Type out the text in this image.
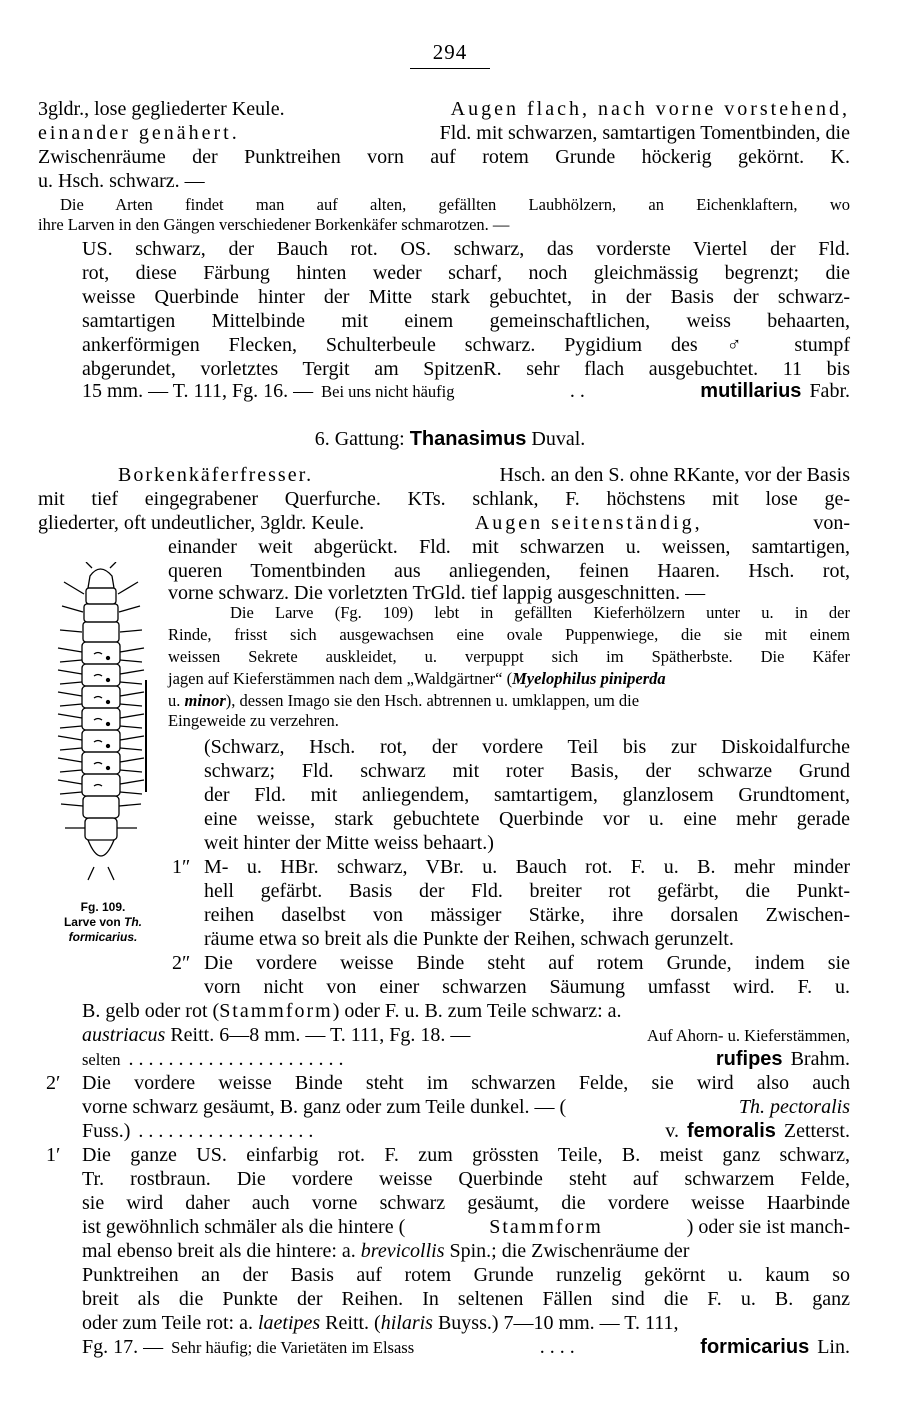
294
3gldr., lose gegliederter Keule.	Augen flach, nach vorne vorstehend,
einander genähert.	Fld. mit schwarzen, samtartigen Tomentbinden, die
Zwischenräume der Punktreihen vorn auf rotem Grunde höckerig gekörnt. K.
u. Hsch. schwarz. —
Die Arten findet man auf alten, gefällten Laubhölzern, an Eichenklaftern, wo
ihre Larven in den Gängen verschiedener Borkenkäfer schmarotzen. —
US. schwarz, der Bauch rot. OS. schwarz, das vorderste Viertel der Fld.
rot, diese Färbung hinten weder scharf, noch gleichmässig begrenzt; die
weisse Querbinde hinter der Mitte stark gebuchtet, in der Basis der schwarz-
samtartigen Mittelbinde mit einem gemeinschaftlichen, weiss behaarten,
ankerförmigen Flecken, Schulterbeule schwarz. Pygidium des ♂ stumpf
abgerundet, vorletztes Tergit am SpitzenR. sehr flach ausgebuchtet. 11 bis
15 mm. — T. 111, Fg. 16. — Bei uns nicht häufig	. .	mutillarius Fabr.
6. Gattung: Thanasimus Duval.
Borkenkäferfresser.	Hsch. an den S. ohne RKante, vor der Basis
mit tief eingegrabener Querfurche. KTs. schlank, F. höchstens mit lose ge-
gliederter, oft undeutlicher, 3gldr. Keule.	Augen seitenständig,	von-
einander weit abgerückt. Fld. mit schwarzen u. weissen, samtartigen,
queren Tomentbinden aus anliegenden, feinen Haaren. Hsch. rot,
vorne schwarz. Die vorletzten TrGld. tief lappig ausgeschnitten. —
Die Larve (Fg. 109) lebt in gefällten Kieferhölzern unter u. in der
Rinde, frisst sich ausgewachsen eine ovale Puppenwiege, die sie mit einem
weissen Sekrete auskleidet, u. verpuppt sich im Spätherbste. Die Käfer
jagen auf Kieferstämmen nach dem „Waldgärtner“ (Myelophilus piniperda
u. minor), dessen Imago sie den Hsch. abtrennen u. umklappen, um die
Eingeweide zu verzehren.
Fg. 109.
Larve von Th.
formicarius.
(Schwarz, Hsch. rot, der vordere Teil bis zur Diskoidalfurche
schwarz; Fld. schwarz mit roter Basis, der schwarze Grund
der Fld. mit anliegendem, samtartigem, glanzlosem Grundtoment,
eine weisse, stark gebuchtete Querbinde vor u. eine mehr gerade
weit hinter der Mitte weiss behaart.)
1″ M- u. HBr. schwarz, VBr. u. Bauch rot. F. u. B. mehr minder
hell gefärbt. Basis der Fld. breiter rot gefärbt, die Punkt-
reihen daselbst von mässiger Stärke, ihre dorsalen Zwischen-
räume etwa so breit als die Punkte der Reihen, schwach gerunzelt.
2″ Die vordere weisse Binde steht auf rotem Grunde, indem sie
vorn nicht von einer schwarzen Säumung umfasst wird. F. u.
B. gelb oder rot (Stammform) oder F. u. B. zum Teile schwarz: a.
austriacus Reitt. 6—8 mm. — T. 111, Fg. 18. —	Auf Ahorn- u. Kieferstämmen,
selten . . . . . . . . . . . . . . . . . . . . . .	rufipes Brahm.
2′ Die vordere weisse Binde steht im schwarzen Felde, sie wird also auch
vorne schwarz gesäumt, B. ganz oder zum Teile dunkel. — (	Th. pectoralis
Fuss.) . . . . . . . . . . . . . . . . . .	v. femoralis Zetterst.
1′ Die ganze US. einfarbig rot. F. zum grössten Teile, B. meist ganz schwarz,
Tr. rostbraun. Die vordere weisse Querbinde steht auf schwarzem Felde,
sie wird daher auch vorne schwarz gesäumt, die vordere weisse Haarbinde
ist gewöhnlich schmäler als die hintere (	Stammform	) oder sie ist manch-
mal ebenso breit als die hintere: a. brevicollis Spin.; die Zwischenräume der
Punktreihen an der Basis auf rotem Grunde runzelig gekörnt u. kaum so
breit als die Punkte der Reihen. In seltenen Fällen sind die F. u. B. ganz
oder zum Teile rot: a. laetipes Reitt. (hilaris Buyss.) 7—10 mm. — T. 111,
Fg. 17. — Sehr häufig; die Varietäten im Elsass	. . . .	formicarius Lin.
